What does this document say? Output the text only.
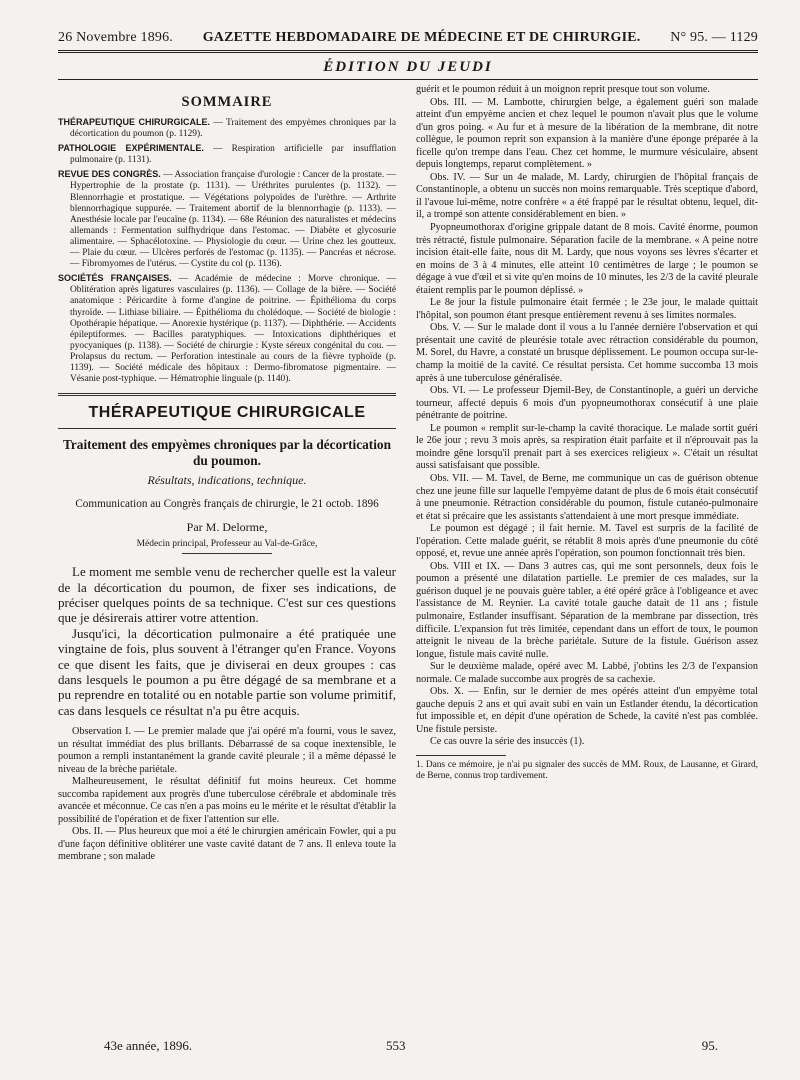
26 Novembre 1896. GAZETTE HEBDOMADAIRE DE MÉDECINE ET DE CHIRURGIE. N° 95. — 1129
ÉDITION DU JEUDI
SOMMAIRE
THÉRAPEUTIQUE CHIRURGICALE. — Traitement des empyèmes chroniques par la décortication du poumon (p. 1129).
PATHOLOGIE EXPÉRIMENTALE. — Respiration artificielle par insufflation pulmonaire (p. 1131).
REVUE DES CONGRÈS. — Association française d'urologie : Cancer de la prostate. — Hypertrophie de la prostate (p. 1131). — Uréthrites purulentes (p. 1132). — Blennorrhagie et prostatique. — Végétations polypoïdes de l'urèthre. — Arthrite blennorrhagique suppurée. — Traitement abortif de la blennorrhagie (p. 1133). — Anesthésie locale par l'eucaïne (p. 1134). — 68e Réunion des naturalistes et médecins allemands : Fermentation sulfhydrique dans l'estomac. — Diabète et glycosurie alimentaire. — Sphacélotoxine. — Physiologie du cœur. — Urine chez les goutteux. — Plaie du cœur. — Ulcères perforés de l'estomac (p. 1135). — Pancréas et nécrose. — Fibromyomes de l'utérus. — Cystite du col (p. 1136).
SOCIÉTÉS FRANÇAISES. — Académie de médecine : Morve chronique. — Oblitération après ligatures vasculaires (p. 1136). — Collage de la bière. — Société anatomique : Péricardite à forme d'angine de poitrine. — Épithélioma du corps thyroïde. — Lithiase biliaire. — Épithélioma du cholédoque. — Société de biologie : Opothérapie hépatique. — Anorexie hystérique (p. 1137). — Diphthérie. — Accidents épileptiformes. — Bacilles paratyphiques. — Intoxications diphthériques et pyocyaniques (p. 1138). — Société de chirurgie : Kyste séreux congénital du cou. — Prolapsus du rectum. — Perforation intestinale au cours de la fièvre typhoïde (p. 1139). — Société médicale des hôpitaux : Dermo-fibromatose pigmentaire. — Vésanie post-typhique. — Hématrophie linguale (p. 1140).
THÉRAPEUTIQUE CHIRURGICALE
Traitement des empyèmes chroniques par la décortication du poumon.
Résultats, indications, technique.
Communication au Congrès français de chirurgie, le 21 octob. 1896
Par M. Delorme,
Médecin principal, Professeur au Val-de-Grâce,

Le moment me semble venu de rechercher quelle est la valeur de la décortication du poumon, de fixer ses indications, de préciser quelques points de sa technique. C'est sur ces questions que je désirerais attirer votre attention.

Jusqu'ici, la décortication pulmonaire a été pratiquée une vingtaine de fois, plus souvent à l'étranger qu'en France. Voyons ce que disent les faits, que je diviserai en deux groupes : cas dans lesquels le poumon a pu être dégagé de sa membrane et a pu reprendre en totalité ou en notable partie son volume primitif, cas dans lesquels ce résultat n'a pu être acquis.

Observation I. — Le premier malade que j'ai opéré m'a fourni, vous le savez, un résultat immédiat des plus brillants. Débarrassé de sa coque inextensible, le poumon a rempli instantanément la grande cavité pleurale ; il a même dépassé le niveau de la brèche pariétale.

Malheureusement, le résultat définitif fut moins heureux. Cet homme succomba rapidement aux progrès d'une tuberculose cérébrale et abdominale très avancée et méconnue. Ce cas n'en a pas moins eu le mérite et le résultat d'établir la possibilité de l'opération et de fixer l'attention sur elle.

Obs. II. — Plus heureux que moi a été le chirurgien américain Fowler, qui a pu d'une façon définitive oblitérer une vaste cavité datant de 7 ans. Il enleva toute la membrane ; son malade

guérit et le poumon réduit à un moignon reprit presque tout son volume.

Obs. III. — M. Lambotte, chirurgien belge, a également guéri son malade atteint d'un empyème ancien et chez lequel le poumon n'avait plus que le volume d'un gros poing. « Au fur et à mesure de la libération de la membrane, dit notre collègue, le poumon reprit son expansion à la manière d'une éponge préparée à la ficelle qu'on trempe dans l'eau. Chez cet homme, le murmure vésiculaire, absent depuis longtemps, reparut complètement. »

Obs. IV. — Sur un 4e malade, M. Lardy, chirurgien de l'hôpital français de Constantinople, a obtenu un succès non moins remarquable. Très sceptique d'abord, il l'avoue lui-même, notre confrère « a été frappé par le résultat obtenu, lequel, dit-il, a trompé son attente considérablement en bien. »

Pyopneumothorax d'origine grippale datant de 8 mois. Cavité énorme, poumon très rétracté, fistule pulmonaire. Séparation facile de la membrane. « A peine notre incision était-elle faite, nous dit M. Lardy, que nous voyons ses lèvres s'écarter et en moins de 3 à 4 minutes, elle atteint 10 centimètres de large ; le poumon se dégage à vue d'œil et si vite qu'en moins de 10 minutes, les 2/3 de la cavité pleurale étaient remplis par le poumon déplissé. »

Le 8e jour la fistule pulmonaire était fermée ; le 23e jour, le malade quittait l'hôpital, son poumon étant presque entièrement revenu à ses limites normales.

Obs. V. — Sur le malade dont il vous a lu l'année dernière l'observation et qui présentait une cavité de pleurésie totale avec rétraction considérable du poumon, M. Sorel, du Havre, a constaté un brusque déplissement. Le poumon occupa sur-le-champ la moitié de la cavité. Ce résultat persista. Cet homme succomba 13 mois après à une tuberculose généralisée.

Obs. VI. — Le professeur Djemil-Bey, de Constantinople, a guéri un derviche tourneur, affecté depuis 6 mois d'un pyopneumothorax consécutif à une plaie pénétrante de poitrine.

Le poumon « remplit sur-le-champ la cavité thoracique. Le malade sortit guéri le 26e jour ; revu 3 mois après, sa respiration était parfaite et il n'éprouvait pas la moindre gêne lorsqu'il prenait part à ses exercices religieux ». C'était un résultat aussi satisfaisant que possible.

Obs. VII. — M. Tavel, de Berne, me communique un cas de guérison obtenue chez une jeune fille sur laquelle l'empyème datant de plus de 6 mois était consécutif à une pneumonie. Rétraction considérable du poumon, fistule cutanéo-pulmonaire et état si précaire que les assistants s'attendaient à une mort presque immédiate.

Le poumon est dégagé ; il fait hernie. M. Tavel est surpris de la facilité de l'opération. Cette malade guérit, se rétablit 8 mois après d'une pneumonie du côté opposé, et, revue une année après l'opération, son poumon fonctionnait très bien.

Obs. VIII et IX. — Dans 3 autres cas, qui me sont personnels, deux fois le poumon a présenté une dilatation partielle. Le premier de ces malades, sur la guérison duquel je ne pouvais guère tabler, a été opéré grâce à l'obligeance et avec l'assistance de M. Reynier. La cavité totale gauche datait de 11 ans ; fistule pulmonaire, Estlander insuffisant. Séparation de la membrane par dissection, très difficile. L'expansion fut très limitée, cependant dans un effort de toux, le poumon atteignit le niveau de la brèche pariétale. Suture de la fistule. Guérison assez longue, fistule mais cavité nulle.

Sur le deuxième malade, opéré avec M. Labbé, j'obtins les 2/3 de l'expansion normale. Ce malade succombe aux progrès de sa cachexie.

Obs. X. — Enfin, sur le dernier de mes opérés atteint d'un empyème total gauche depuis 2 ans et qui avait subi en vain un Estlander étendu, la décortication fut impossible et, en dépit d'une opération de Schede, la cavité n'est pas comblée. Une fistule persiste.

Ce cas ouvre la série des insuccès (1).

1. Dans ce mémoire, je n'ai pu signaler des succès de MM. Roux, de Lausanne, et Girard, de Berne, connus trop tardivement.
43e année, 1896.	553	95.
